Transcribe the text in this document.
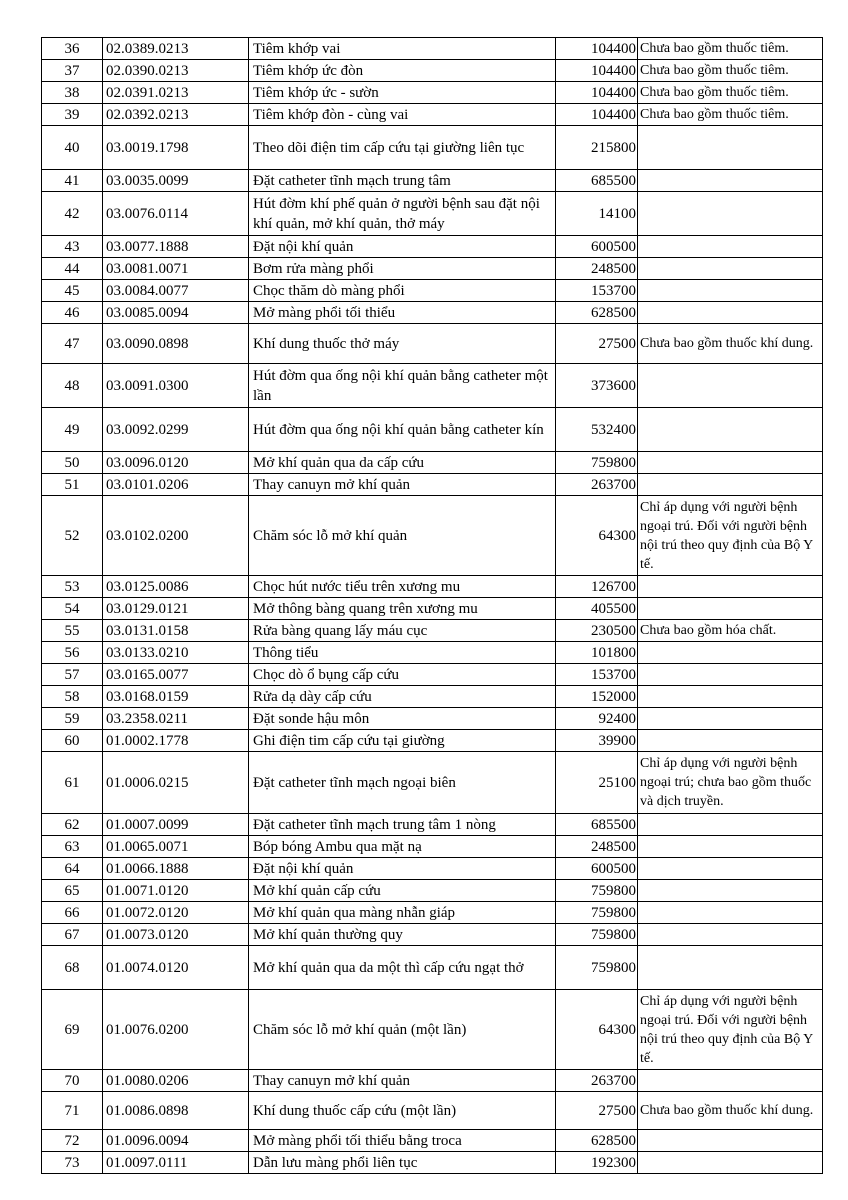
36	02.0389.0213	Tiêm khớp vai	104400	Chưa bao gồm thuốc tiêm.
37	02.0390.0213	Tiêm khớp ức đòn	104400	Chưa bao gồm thuốc tiêm.
38	02.0391.0213	Tiêm khớp ức - sườn	104400	Chưa bao gồm thuốc tiêm.
39	02.0392.0213	Tiêm khớp đòn - cùng vai	104400	Chưa bao gồm thuốc tiêm.
40	03.0019.1798	Theo dõi điện tim cấp cứu tại giường liên tục	215800	
41	03.0035.0099	Đặt catheter tĩnh mạch trung tâm	685500	
42	03.0076.0114	Hút đờm khí phế quản ở người bệnh sau đặt nội khí quản, mở khí quản, thở máy	14100	
43	03.0077.1888	Đặt nội khí quản	600500	
44	03.0081.0071	Bơm rửa màng phổi	248500	
45	03.0084.0077	Chọc thăm dò màng phổi	153700	
46	03.0085.0094	Mở màng phổi tối thiểu	628500	
47	03.0090.0898	Khí dung thuốc thở máy	27500	Chưa bao gồm thuốc khí dung.
48	03.0091.0300	Hút đờm qua ống nội khí quản bằng catheter một lần	373600	
49	03.0092.0299	Hút đờm qua ống nội khí quản bằng catheter kín	532400	
50	03.0096.0120	Mở khí quản qua da cấp cứu	759800	
51	03.0101.0206	Thay canuyn mở khí quản	263700	
52	03.0102.0200	Chăm sóc lỗ mở khí quản	64300	Chỉ áp dụng với người bệnh ngoại trú. Đối với người bệnh nội trú theo quy định của Bộ Y tế.
53	03.0125.0086	Chọc hút nước tiểu trên xương mu	126700	
54	03.0129.0121	Mở thông bàng quang trên xương mu	405500	
55	03.0131.0158	Rửa bàng quang lấy máu cục	230500	Chưa bao gồm hóa chất.
56	03.0133.0210	Thông tiểu	101800	
57	03.0165.0077	Chọc dò ổ bụng cấp cứu	153700	
58	03.0168.0159	Rửa dạ dày cấp cứu	152000	
59	03.2358.0211	Đặt sonde hậu môn	92400	
60	01.0002.1778	Ghi điện tim cấp cứu tại giường	39900	
61	01.0006.0215	Đặt catheter tĩnh mạch ngoại biên	25100	Chỉ áp dụng với người bệnh ngoại trú; chưa bao gồm thuốc và dịch truyền.
62	01.0007.0099	Đặt catheter tĩnh mạch trung tâm 1 nòng	685500	
63	01.0065.0071	Bóp bóng Ambu qua mặt nạ	248500	
64	01.0066.1888	Đặt nội khí quản	600500	
65	01.0071.0120	Mở khí quản cấp cứu	759800	
66	01.0072.0120	Mở khí quản qua màng nhẫn giáp	759800	
67	01.0073.0120	Mở khí quản thường quy	759800	
68	01.0074.0120	Mở khí quản qua da một thì cấp cứu ngạt thở	759800	
69	01.0076.0200	Chăm sóc lỗ mở khí quản (một lần)	64300	Chỉ áp dụng với người bệnh ngoại trú. Đối với người bệnh nội trú theo quy định của Bộ Y tế.
70	01.0080.0206	Thay canuyn mở khí quản	263700	
71	01.0086.0898	Khí dung thuốc cấp cứu (một lần)	27500	Chưa bao gồm thuốc khí dung.
72	01.0096.0094	Mở màng phổi tối thiểu bằng troca	628500	
73	01.0097.0111	Dẫn lưu màng phổi liên tục	192300	
